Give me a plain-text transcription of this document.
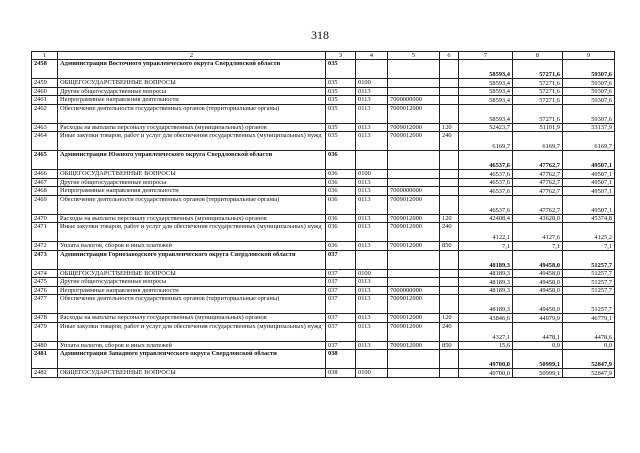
318
1	2	3	4	5	6	7	8	9
2458	Администрация Восточного управленческого округа Свердловской области	035				58593,4	57271,6	59307,6
2459	ОБЩЕГОСУДАРСТВЕННЫЕ ВОПРОСЫ	035	0100			58593,4	57271,6	59307,6
2460	Другие общегосударственные вопросы	035	0113			58593,4	57271,6	59307,6
2461	Непрограммные направления деятельности	035	0113	7000000000		58593,4	57271,6	59307,6
2462	Обеспечение деятельности государственных органов (территориальные органы)	035	0113	7009012000		58593,4	57271,6	59307,6
2463	Расходы на выплаты персоналу государственных (муниципальных) органов	035	0113	7009012000	120	52423,7	51101,9	53137,9
2464	Иные закупки товаров, работ и услуг для обеспечения государственных (муниципальных) нужд	035	0113	7009012000	240	6169,7	6169,7	6169,7
2465	Администрация Южного управленческого округа Свердловской области	036				46537,6	47762,7	49507,1
2466	ОБЩЕГОСУДАРСТВЕННЫЕ ВОПРОСЫ	036	0100			46537,6	47762,7	49507,1
2467	Другие общегосударственные вопросы	036	0113			46537,6	47762,7	49507,1
2468	Непрограммные направления деятельности	036	0113	7000000000		46537,6	47762,7	49507,1
2469	Обеспечение деятельности государственных органов (территориальные органы)	036	0113	7009012000		46537,6	47762,7	49507,1
2470	Расходы на выплаты персоналу государственных (муниципальных) органов	036	0113	7009012000	120	42408,4	43628,0	45374,8
2471	Иные закупки товаров, работ и услуг для обеспечения государственных (муниципальных) нужд	036	0113	7009012000	240	4122,1	4127,6	4125,2
2472	Уплата налогов, сборов и иных платежей	036	0113	7009012000	850	7,1	7,1	7,1
2473	Администрация Горнозаводского управленческого округа Свердловской области	037				48189,3	49458,0	51257,7
2474	ОБЩЕГОСУДАРСТВЕННЫЕ ВОПРОСЫ	037	0100			48189,3	49458,0	51257,7
2475	Другие общегосударственные вопросы	037	0113			48189,3	49458,0	51257,7
2476	Непрограммные направления деятельности	037	0113	7000000000		48189,3	49458,0	51257,7
2477	Обеспечение деятельности государственных органов (территориальные органы)	037	0113	7009012000		48189,3	49458,0	51257,7
2478	Расходы на выплаты персоналу государственных (муниципальных) органов	037	0113	7009012000	120	43846,6	44979,9	46779,1
2479	Иные закупки товаров, работ и услуг для обеспечения государственных (муниципальных) нужд	037	0113	7009012000	240	4327,1	4478,1	4478,6
2480	Уплата налогов, сборов и иных платежей	037	0113	7009012000	850	15,6	0,0	0,0
2481	Администрация Западного управленческого округа Свердловской области	038				49700,0	50999,1	52847,9
2482	ОБЩЕГОСУДАРСТВЕННЫЕ ВОПРОСЫ	038	0100			49700,0	50999,1	52847,9
